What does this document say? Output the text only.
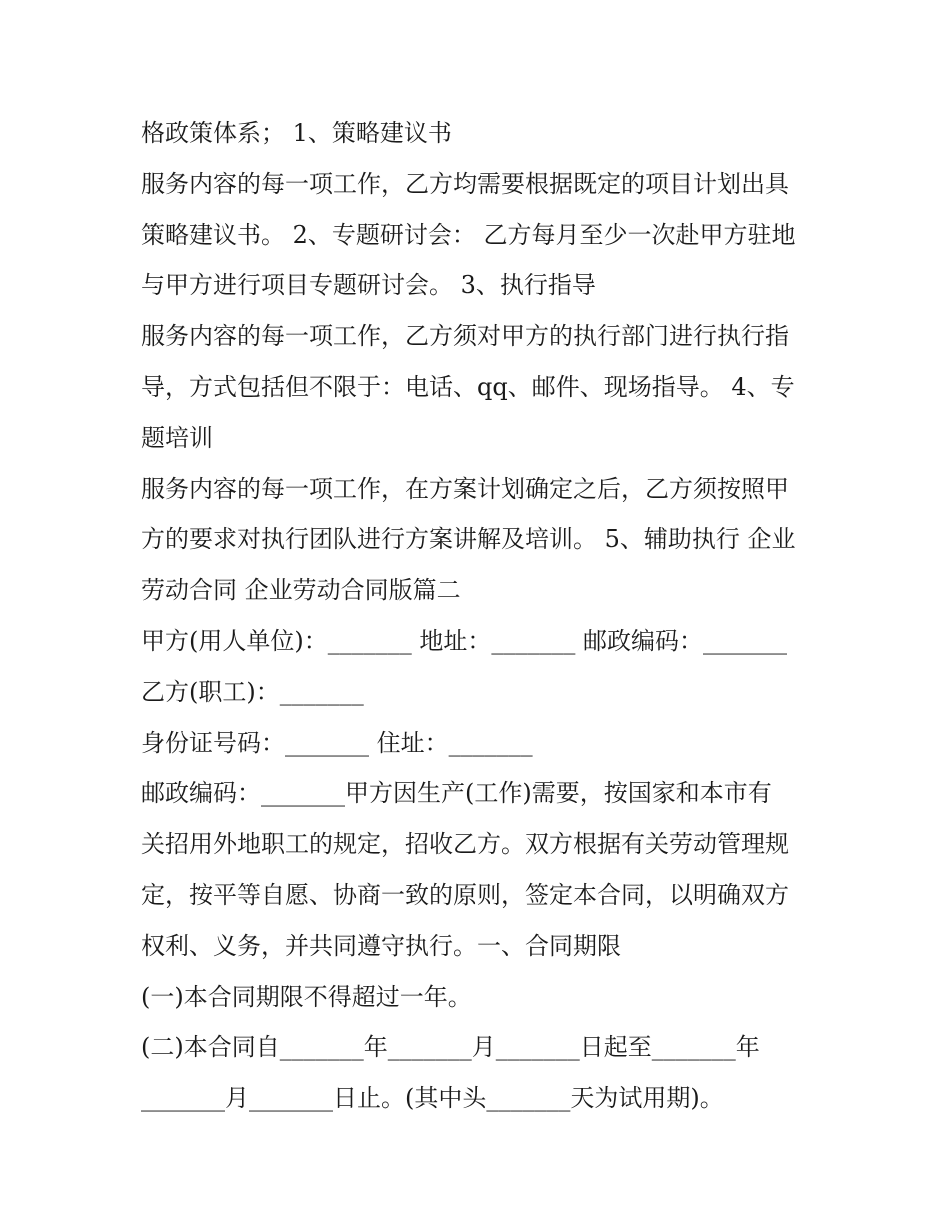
格政策体系； 1、策略建议书
服务内容的每一项工作，乙方均需要根据既定的项目计划出具
策略建议书。 2、专题研讨会： 乙方每月至少一次赴甲方驻地
与甲方进行项目专题研讨会。 3、执行指导
服务内容的每一项工作，乙方须对甲方的执行部门进行执行指
导，方式包括但不限于：电话、qq、邮件、现场指导。 4、专
题培训
服务内容的每一项工作，在方案计划确定之后，乙方须按照甲
方的要求对执行团队进行方案讲解及培训。 5、辅助执行 企业
劳动合同 企业劳动合同版篇二
甲方(用人单位)：_______ 地址：_______ 邮政编码：_______
乙方(职工)：_______
身份证号码：_______ 住址：_______
邮政编码：_______甲方因生产(工作)需要，按国家和本市有
关招用外地职工的规定，招收乙方。双方根据有关劳动管理规
定，按平等自愿、协商一致的原则，签定本合同，以明确双方
权利、义务，并共同遵守执行。一、合同期限
(一)本合同期限不得超过一年。
(二)本合同自_______年_______月_______日起至_______年
_______月_______日止。(其中头_______天为试用期)。
